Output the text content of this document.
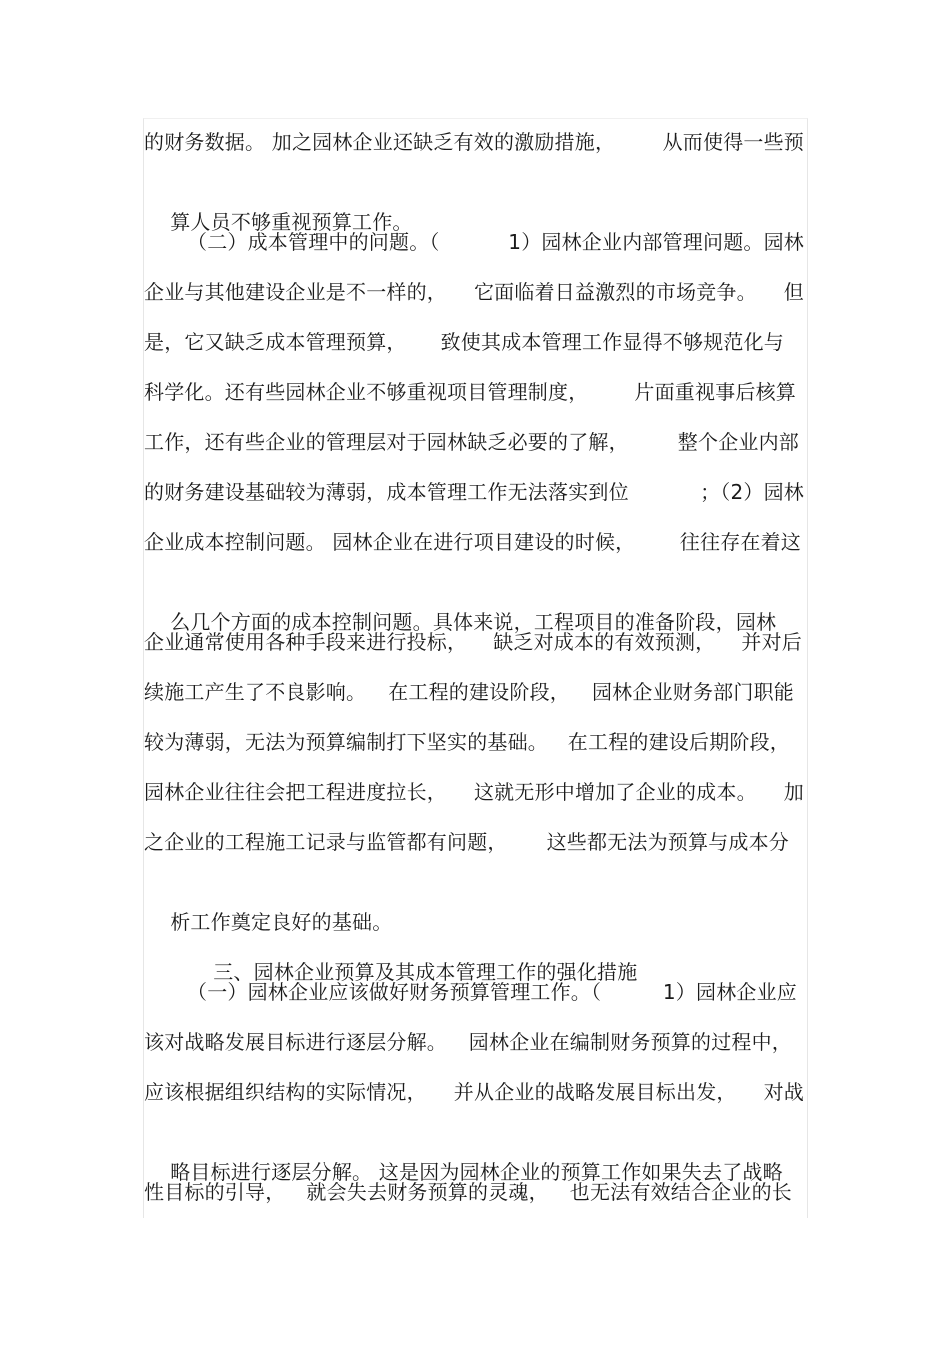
的财务数据。 加之园林企业还缺乏有效的激励措施， 从而使得一些预

算人员不够重视预算工作。

（二）成本管理中的问题。（	1）园林企业内部管理问题。园林
企业与其他建设企业是不一样的， 它面临着日益激烈的市场竞争。 但
是，它又缺乏成本管理预算， 致使其成本管理工作显得不够规范化与
科学化。还有些园林企业不够重视项目管理制度， 片面重视事后核算
工作，还有些企业的管理层对于园林缺乏必要的了解， 整个企业内部
的财务建设基础较为薄弱，成本管理工作无法落实到位	；（2）园林
企业成本控制问题。 园林企业在进行项目建设的时候， 往往存在着这

么几个方面的成本控制问题。具体来说，工程项目的准备阶段，园林

企业通常使用各种手段来进行投标， 缺乏对成本的有效预测， 并对后
续施工产生了不良影响。 在工程的建设阶段， 园林企业财务部门职能
较为薄弱，无法为预算编制打下坚实的基础。 在工程的建设后期阶段，
园林企业往往会把工程进度拉长， 这就无形中增加了企业的成本。 加
之企业的工程施工记录与监管都有问题， 这些都无法为预算与成本分

析工作奠定良好的基础。

三、园林企业预算及其成本管理工作的强化措施

（一）园林企业应该做好财务预算管理工作。（	1）园林企业应
该对战略发展目标进行逐层分解。 园林企业在编制财务预算的过程中，
应该根据组织结构的实际情况， 并从企业的战略发展目标出发， 对战

略目标进行逐层分解。 这是因为园林企业的预算工作如果失去了战略

性目标的引导， 就会失去财务预算的灵魂， 也无法有效结合企业的长
